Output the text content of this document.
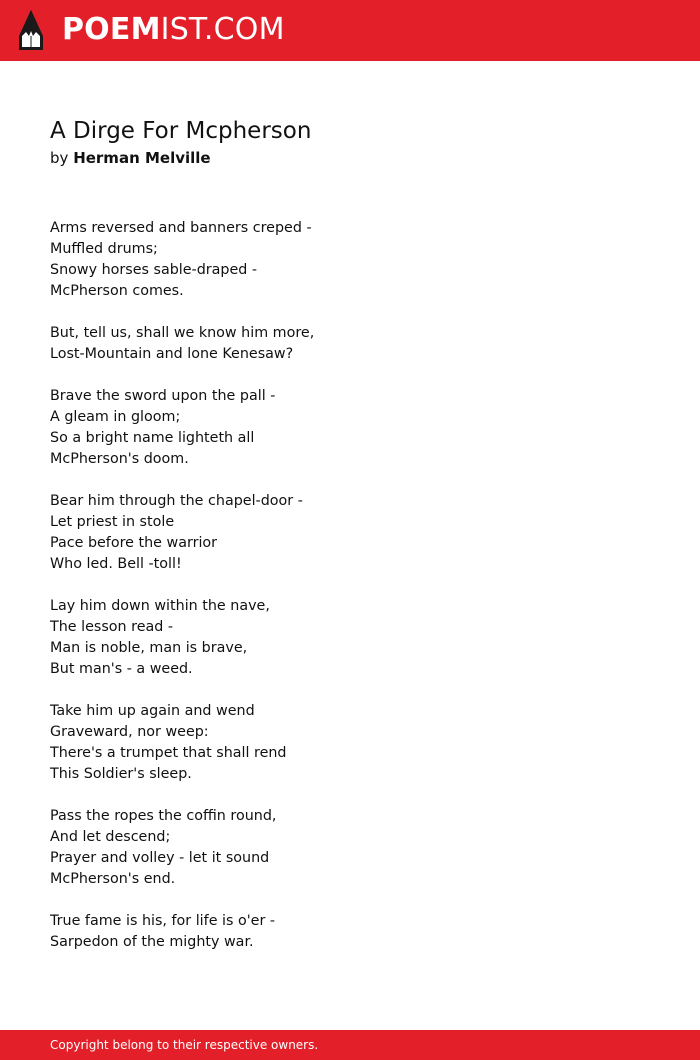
POEMIST.COM
A Dirge For Mcpherson

by Herman Melville

Arms reversed and banners creped -
Muffled drums;
Snowy horses sable-draped -
McPherson comes.
But, tell us, shall we know him more,
Lost-Mountain and lone Kenesaw?
Brave the sword upon the pall -
A gleam in gloom;
So a bright name lighteth all
McPherson's doom.
Bear him through the chapel-door -
Let priest in stole
Pace before the warrior
Who led. Bell -toll!
Lay him down within the nave,
The lesson read -
Man is noble, man is brave,
But man's - a weed.
Take him up again and wend
Graveward, nor weep:
There's a trumpet that shall rend
This Soldier's sleep.
Pass the ropes the coffin round,
And let descend;
Prayer and volley - let it sound
McPherson's end.
True fame is his, for life is o'er -
Sarpedon of the mighty war.
Copyright belong to their respective owners.
